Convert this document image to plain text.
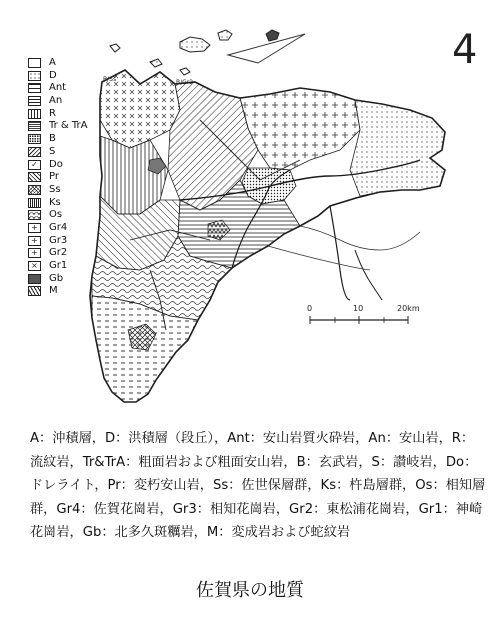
4
A
D
Ant
An
R
Tr & TrA
B
S
✓	Do
Pr
Ss
Ks
Os
+	Gr4
+	Gr3
+	Gr2
×	Gr1
Gb
M
B/Ss	B/Gr2
0	10	20km
A：沖積層，D：洪積層（段丘），Ant：安山岩質火砕岩，An：安山岩，R：流紋岩，Tr&TrA：粗面岩および粗面安山岩，B：玄武岩，S：讃岐岩，Do：ドレライト，Pr：変朽安山岩，Ss：佐世保層群，Ks：杵島層群，Os：相知層群，Gr4：佐賀花崗岩，Gr3：相知花崗岩，Gr2：東松浦花崗岩，Gr1：神崎花崗岩，Gb：北多久斑糲岩，M：変成岩および蛇紋岩
佐賀県の地質
